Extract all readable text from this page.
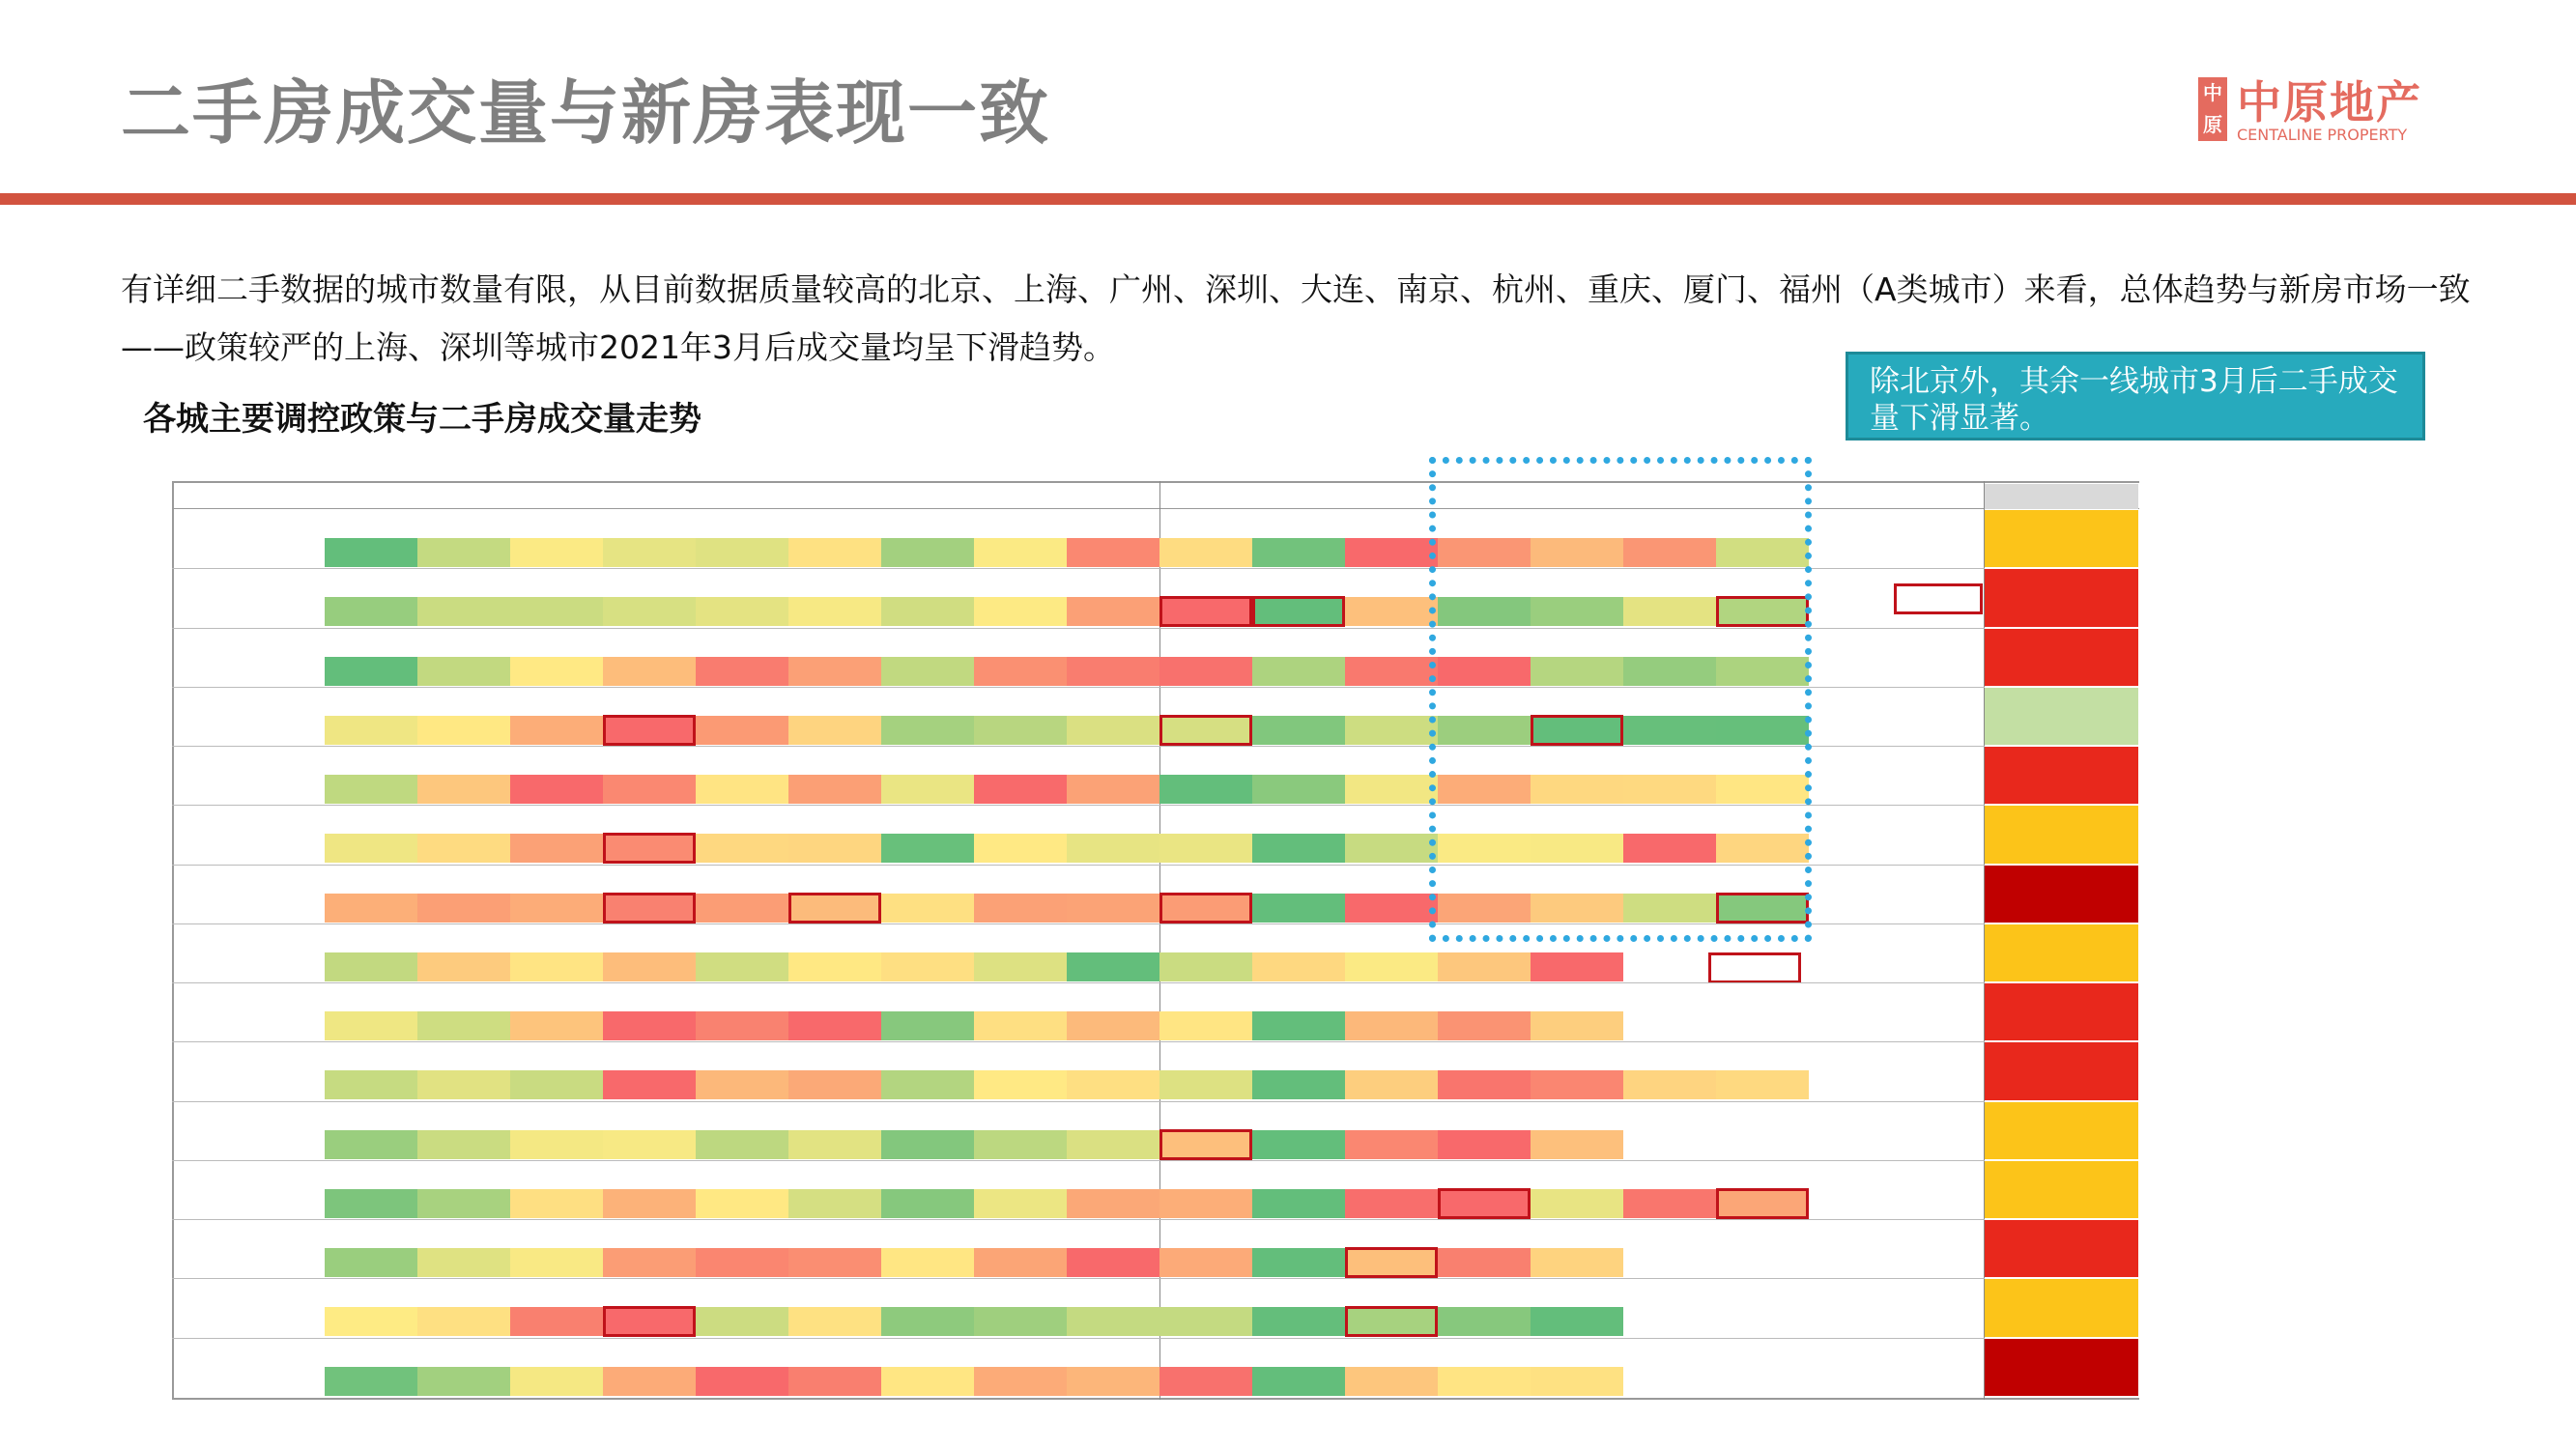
二手房成交量与新房表现一致	中原 中原地产
CENTALINE PROPERTY
有详细二手数据的城市数量有限，从目前数据质量较高的北京、上海、广州、深圳、大连、南京、杭州、重庆、厦门、福州（A类城市）来看，总体趋势与新房市场一致——政策较严的上海、深圳等城市2021年3月后成交量均呈下滑趋势。
各城主要调控政策与二手房成交量走势
除北京外，其余一线城市3月后二手成交量下滑显著。
